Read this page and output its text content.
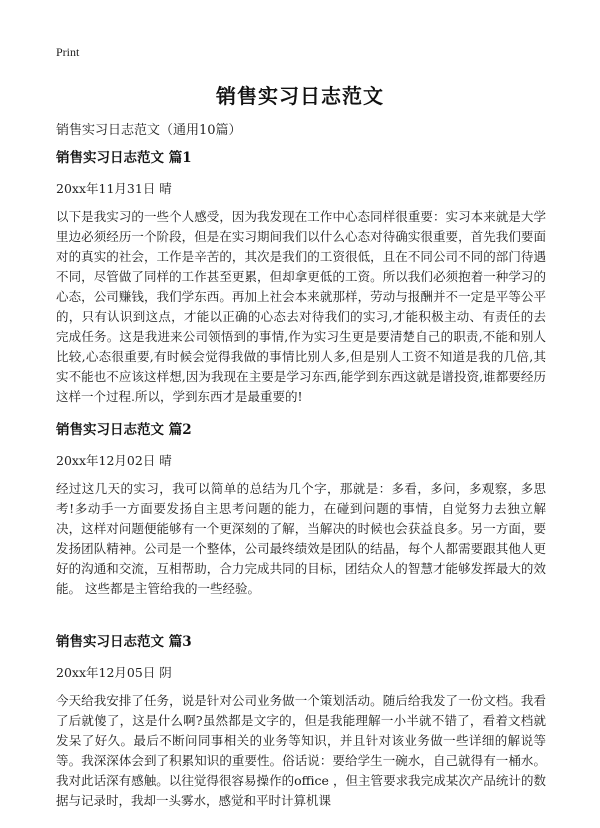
Print
销售实习日志范文
销售实习日志范文（通用10篇）
销售实习日志范文 篇1
20xx年11月31日 晴

以下是我实习的一些个人感受，因为我发现在工作中心态同样很重要：实习本来就是大学里边必须经历一个阶段，但是在实习期间我们以什么心态对待确实很重要，首先我们要面对的真实的社会，工作是辛苦的，其次是我们的工资很低，且在不同公司不同的部门待遇不同，尽管做了同样的工作甚至更累，但却拿更低的工资。所以我们必须抱着一种学习的心态，公司赚钱，我们学东西。再加上社会本来就那样，劳动与报酬并不一定是平等公平的，只有认识到这点，才能以正确的心态去对待我们的实习,才能积极主动、有责任的去完成任务。这是我进来公司领悟到的事情,作为实习生更是要清楚自己的职责,不能和别人比较,心态很重要,有时候会觉得我做的事情比别人多,但是别人工资不知道是我的几倍,其实不能也不应该这样想,因为我现在主要是学习东西,能学到东西这就是谱投资,谁都要经历这样一个过程.所以，学到东西才是最重要的!

销售实习日志范文 篇2
20xx年12月02日 晴

经过这几天的实习，我可以简单的总结为几个字，那就是：多看，多问，多观察，多思考!多动手一方面要发扬自主思考问题的能力，在碰到问题的事情，自觉努力去独立解决，这样对问题便能够有一个更深刻的了解，当解决的时候也会获益良多。另一方面，要发扬团队精神。公司是一个整体，公司最终绩效是团队的结晶，每个人都需要跟其他人更好的沟通和交流，互相帮助，合力完成共同的目标，团结众人的智慧才能够发挥最大的效能。 这些都是主管给我的一些经验。

销售实习日志范文 篇3
20xx年12月05日 阴

今天给我安排了任务，说是针对公司业务做一个策划活动。随后给我发了一份文档。我看了后就傻了，这是什么啊?虽然都是文字的，但是我能理解一小半就不错了，看着文档就发呆了好久。最后不断问同事相关的业务等知识，并且针对该业务做一些详细的解说等等。我深深体会到了积累知识的重要性。俗话说：要给学生一碗水，自己就得有一桶水。我对此话深有感触。以往觉得很容易操作的office ，但主管要求我完成某次产品统计的数据与记录时，我却一头雾水，感觉和平时计算机课
